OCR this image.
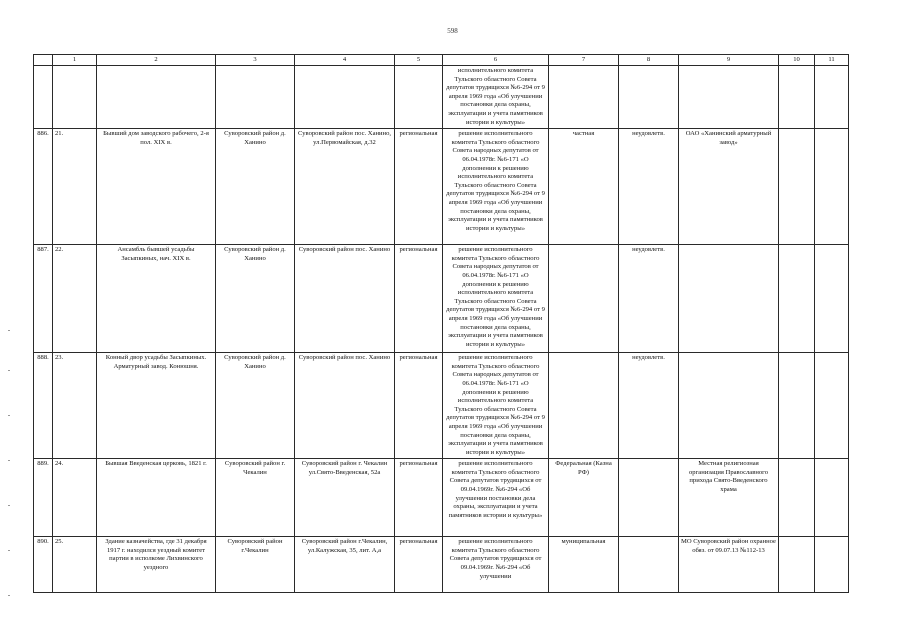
598
	1	2	3	4	5	6	7	8	9	10	11
						исполнительного комитета Тульского областного Совета депутатов трудящихся №6-294 от 9 апреля 1969 года «Об улучшении постановки дела охраны, эксплуатации и учета памятников истории и культуры»					
886.	21.	Бывший дом заводского рабочего, 2-я пол. XIX в.	Суворовский район д. Ханино	Суворовский район пос. Ханино, ул.Первомайская, д.32	региональная	решение исполнительного комитета Тульского областного Совета народных депутатов от 06.04.1978г. №6-171 «О дополнении к решению исполнительного комитета Тульского областного Совета депутатов трудящихся №6-294 от 9 апреля 1969 года «Об улучшении постановки дела охраны, эксплуатации и учета памятников истории и культуры»	частная	неудовлетв.	ОАО «Ханинский арматурный завод»		
887.	22.	Ансамбль бывшей усадьбы Засыпкиных, нач. XIX в.	Суворовский район д. Ханино	Суворовский район пос. Ханино	региональная	решение исполнительного комитета Тульского областного Совета народных депутатов от 06.04.1978г. №6-171 «О дополнении к решению исполнительного комитета Тульского областного Совета депутатов трудящихся №6-294 от 9 апреля 1969 года «Об улучшении постановки дела охраны, эксплуатации и учета памятников истории и культуры»		неудовлетв.			
888.	23.	Конный двор усадьбы Засыпкиных. Арматурный завод. Конюшня.	Суворовский район д. Ханино	Суворовский район пос. Ханино	региональная	решение исполнительного комитета Тульского областного Совета народных депутатов от 06.04.1978г. №6-171 «О дополнении к решению исполнительного комитета Тульского областного Совета депутатов трудящихся №6-294 от 9 апреля 1969 года «Об улучшении постановки дела охраны, эксплуатации и учета памятников истории и культуры»		неудовлетв.			
889.	24.	Бывшая Введенская церковь, 1821 г.	Суворовский район г. Чекалин	Суворовский район г. Чекалин ул.Свято-Введенская, 52а	региональная	решение исполнительного комитета Тульского областного Совета депутатов трудящихся от 09.04.1969г. №6-294 «Об улучшении постановки дела охраны, эксплуатации и учета памятников истории и культуры»	Федеральная (Казна РФ)		Местная религиозная организация Православного прихода Свято-Введенского храма		
890.	25.	Здание казначейства, где 31 декабря 1917 г. находился уездный комитет партии в исполкоме Лихвинского уездного	Суворовский район г.Чекалин	Суворовский район г.Чекалин, ул.Калужская, 35, лит. А,а	региональная	решение исполнительного комитета Тульского областного Совета депутатов трудящихся от 09.04.1969г. №6-294 «Об улучшении	муниципальная		МО Суворовский район охранное обяз. от 09.07.13 №112-13		
